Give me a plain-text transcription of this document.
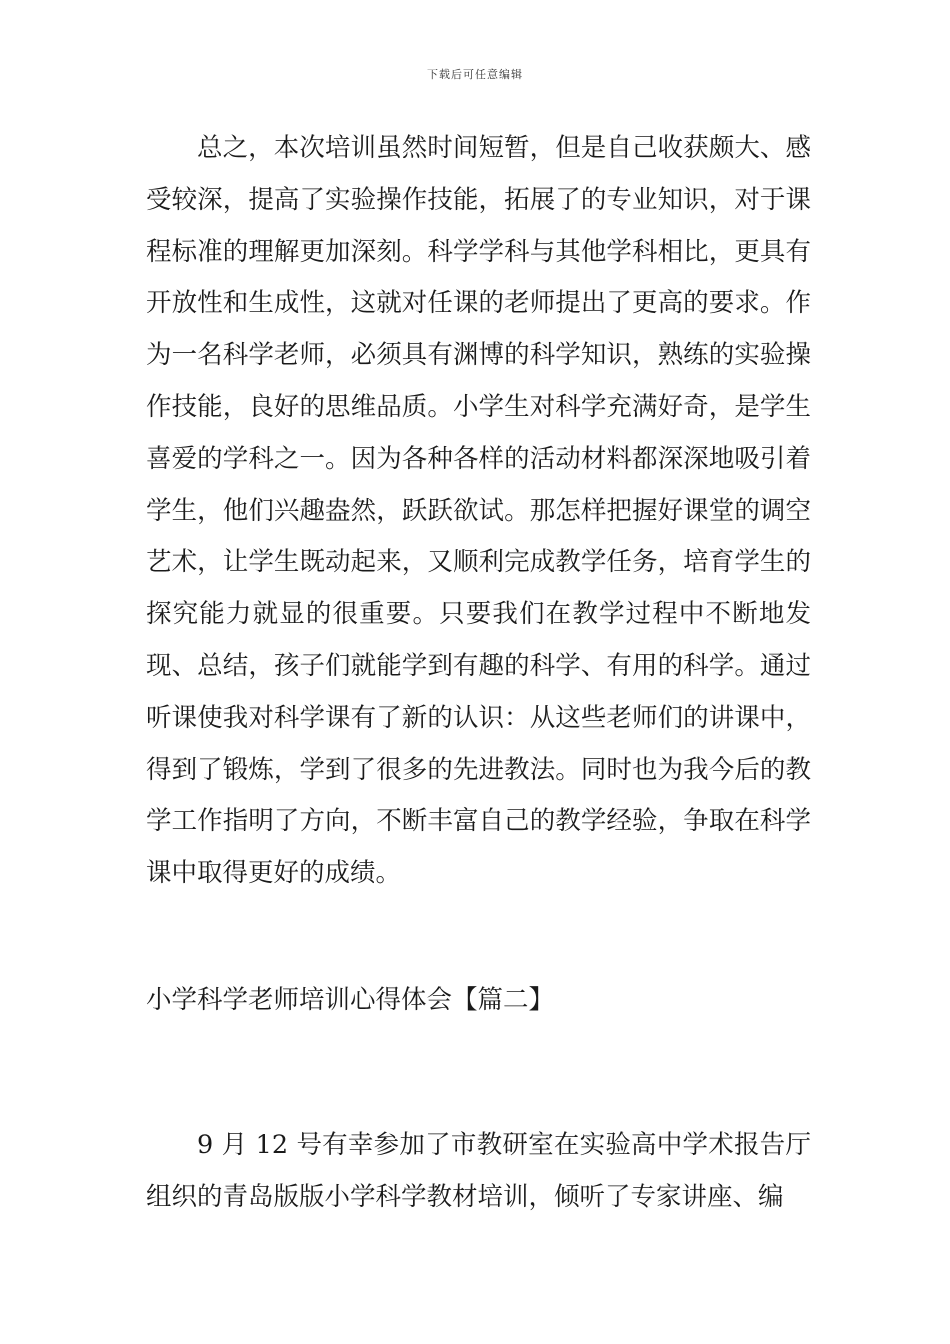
下载后可任意编辑

总之，本次培训虽然时间短暂，但是自己收获颇大、感受较深，提高了实验操作技能，拓展了的专业知识，对于课程标准的理解更加深刻。科学学科与其他学科相比，更具有开放性和生成性，这就对任课的老师提出了更高的要求。作为一名科学老师，必须具有渊博的科学知识，熟练的实验操作技能，良好的思维品质。小学生对科学充满好奇，是学生喜爱的学科之一。因为各种各样的活动材料都深深地吸引着学生，他们兴趣盎然，跃跃欲试。那怎样把握好课堂的调空艺术，让学生既动起来，又顺利完成教学任务，培育学生的探究能力就显的很重要。只要我们在教学过程中不断地发现、总结，孩子们就能学到有趣的科学、有用的科学。通过听课使我对科学课有了新的认识：从这些老师们的讲课中，得到了锻炼，学到了很多的先进教法。同时也为我今后的教学工作指明了方向，不断丰富自己的教学经验，争取在科学课中取得更好的成绩。

小学科学老师培训心得体会【篇二】

9 月 12 号有幸参加了市教研室在实验高中学术报告厅组织的青岛版版小学科学教材培训，倾听了专家讲座、编
